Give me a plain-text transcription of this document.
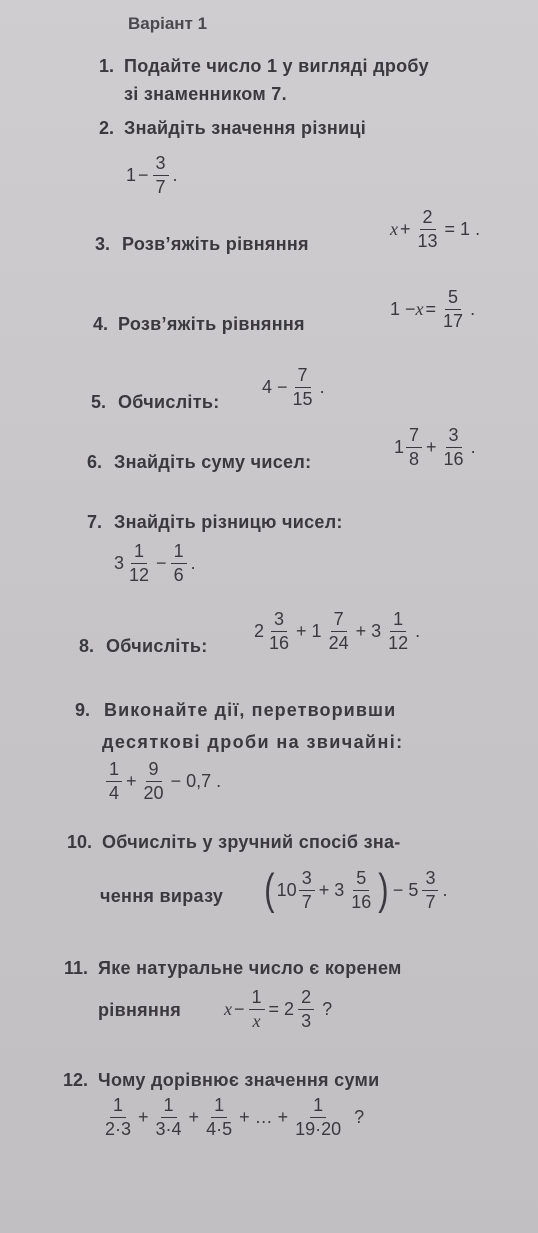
Варіант 1
1. Подайте число 1 у вигляді дробу
зі знаменником 7.
2. Знайдіть значення різниці
$1 - \frac{3}{7}$ .
3. Розв’яжіть рівняння
$x + \frac{2}{13} = 1$ .
4. Розв’яжіть рівняння
$1 - x = \frac{5}{17}$ .
5. Обчисліть:
$4 - \frac{7}{15}$ .
6. Знайдіть суму чисел:
$1 \frac{7}{8} + \frac{3}{16}$ .
7. Знайдіть різницю чисел:
$3 \frac{1}{12} - \frac{1}{6}$ .
8. Обчисліть:
$2 \frac{3}{16} + 1 \frac{7}{24} + 3 \frac{1}{12}$ .
9. Виконайте дії, перетворивши
десяткові дроби на звичайні:
$\frac{1}{4} + \frac{9}{20} - 0,7$ .
10. Обчисліть у зручний спосіб зна-
чення виразу ( $10 \frac{3}{7} + 3 \frac{5}{16}$ ) − $5 \frac{3}{7}$ .
11. Яке натуральне число є коренем
рівняння $x - \frac{1}{x} = 2 \frac{2}{3}$ ?
12. Чому дорівнює значення суми
$\frac{1}{2\cdot 3} + \frac{1}{3\cdot 4} + \frac{1}{4\cdot 5}$ + … + $\frac{1}{19\cdot 20}$ ?
